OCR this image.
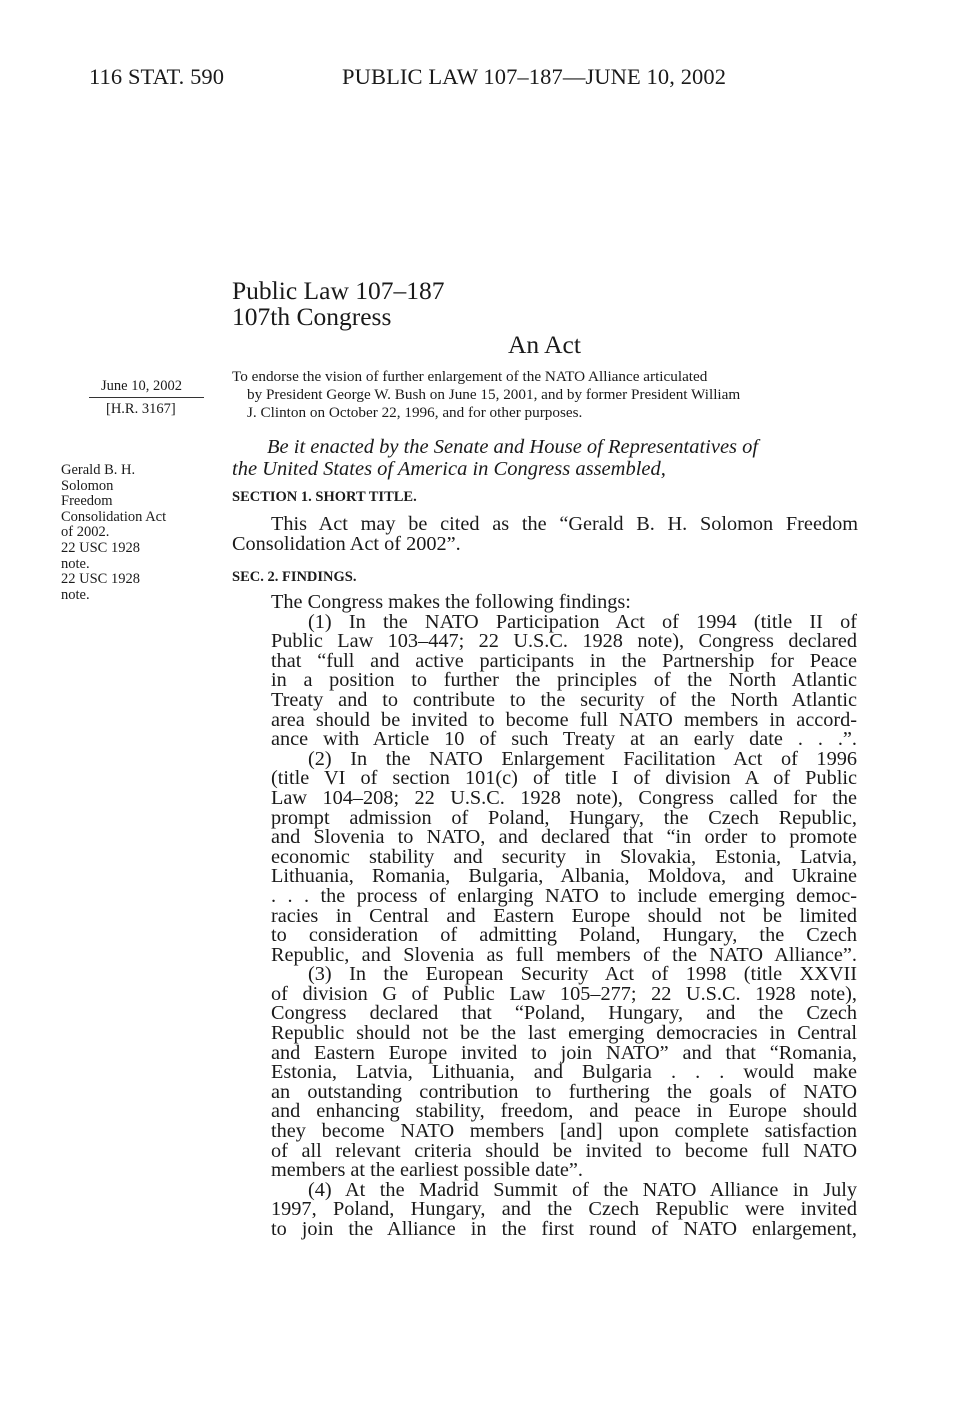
116 STAT. 590	PUBLIC LAW 107–187—JUNE 10, 2002
Public Law 107–187
107th Congress
An Act
June 10, 2002
[H.R. 3167]
To endorse the vision of further enlargement of the NATO Alliance articulated
by President George W. Bush on June 15, 2001, and by former President William
J. Clinton on October 22, 1996, and for other purposes.
Be it enacted by the Senate and House of Representatives of
the United States of America in Congress assembled,
Gerald B. H.
Solomon
Freedom
Consolidation Act
of 2002.
22 USC 1928
note.
22 USC 1928
note.
SECTION 1. SHORT TITLE.
This Act may be cited as the “Gerald B. H. Solomon Freedom
Consolidation Act of 2002”.
SEC. 2. FINDINGS.
The Congress makes the following findings:
(1) In the NATO Participation Act of 1994 (title II of
Public Law 103–447; 22 U.S.C. 1928 note), Congress declared
that “full and active participants in the Partnership for Peace
in a position to further the principles of the North Atlantic
Treaty and to contribute to the security of the North Atlantic
area should be invited to become full NATO members in accord-
ance with Article 10 of such Treaty at an early date . . .”.
(2) In the NATO Enlargement Facilitation Act of 1996
(title VI of section 101(c) of title I of division A of Public
Law 104–208; 22 U.S.C. 1928 note), Congress called for the
prompt admission of Poland, Hungary, the Czech Republic,
and Slovenia to NATO, and declared that “in order to promote
economic stability and security in Slovakia, Estonia, Latvia,
Lithuania, Romania, Bulgaria, Albania, Moldova, and Ukraine
. . . the process of enlarging NATO to include emerging democ-
racies in Central and Eastern Europe should not be limited
to consideration of admitting Poland, Hungary, the Czech
Republic, and Slovenia as full members of the NATO Alliance”.
(3) In the European Security Act of 1998 (title XXVII
of division G of Public Law 105–277; 22 U.S.C. 1928 note),
Congress declared that “Poland, Hungary, and the Czech
Republic should not be the last emerging democracies in Central
and Eastern Europe invited to join NATO” and that “Romania,
Estonia, Latvia, Lithuania, and Bulgaria . . . would make
an outstanding contribution to furthering the goals of NATO
and enhancing stability, freedom, and peace in Europe should
they become NATO members [and] upon complete satisfaction
of all relevant criteria should be invited to become full NATO
members at the earliest possible date”.
(4) At the Madrid Summit of the NATO Alliance in July
1997, Poland, Hungary, and the Czech Republic were invited
to join the Alliance in the first round of NATO enlargement,
